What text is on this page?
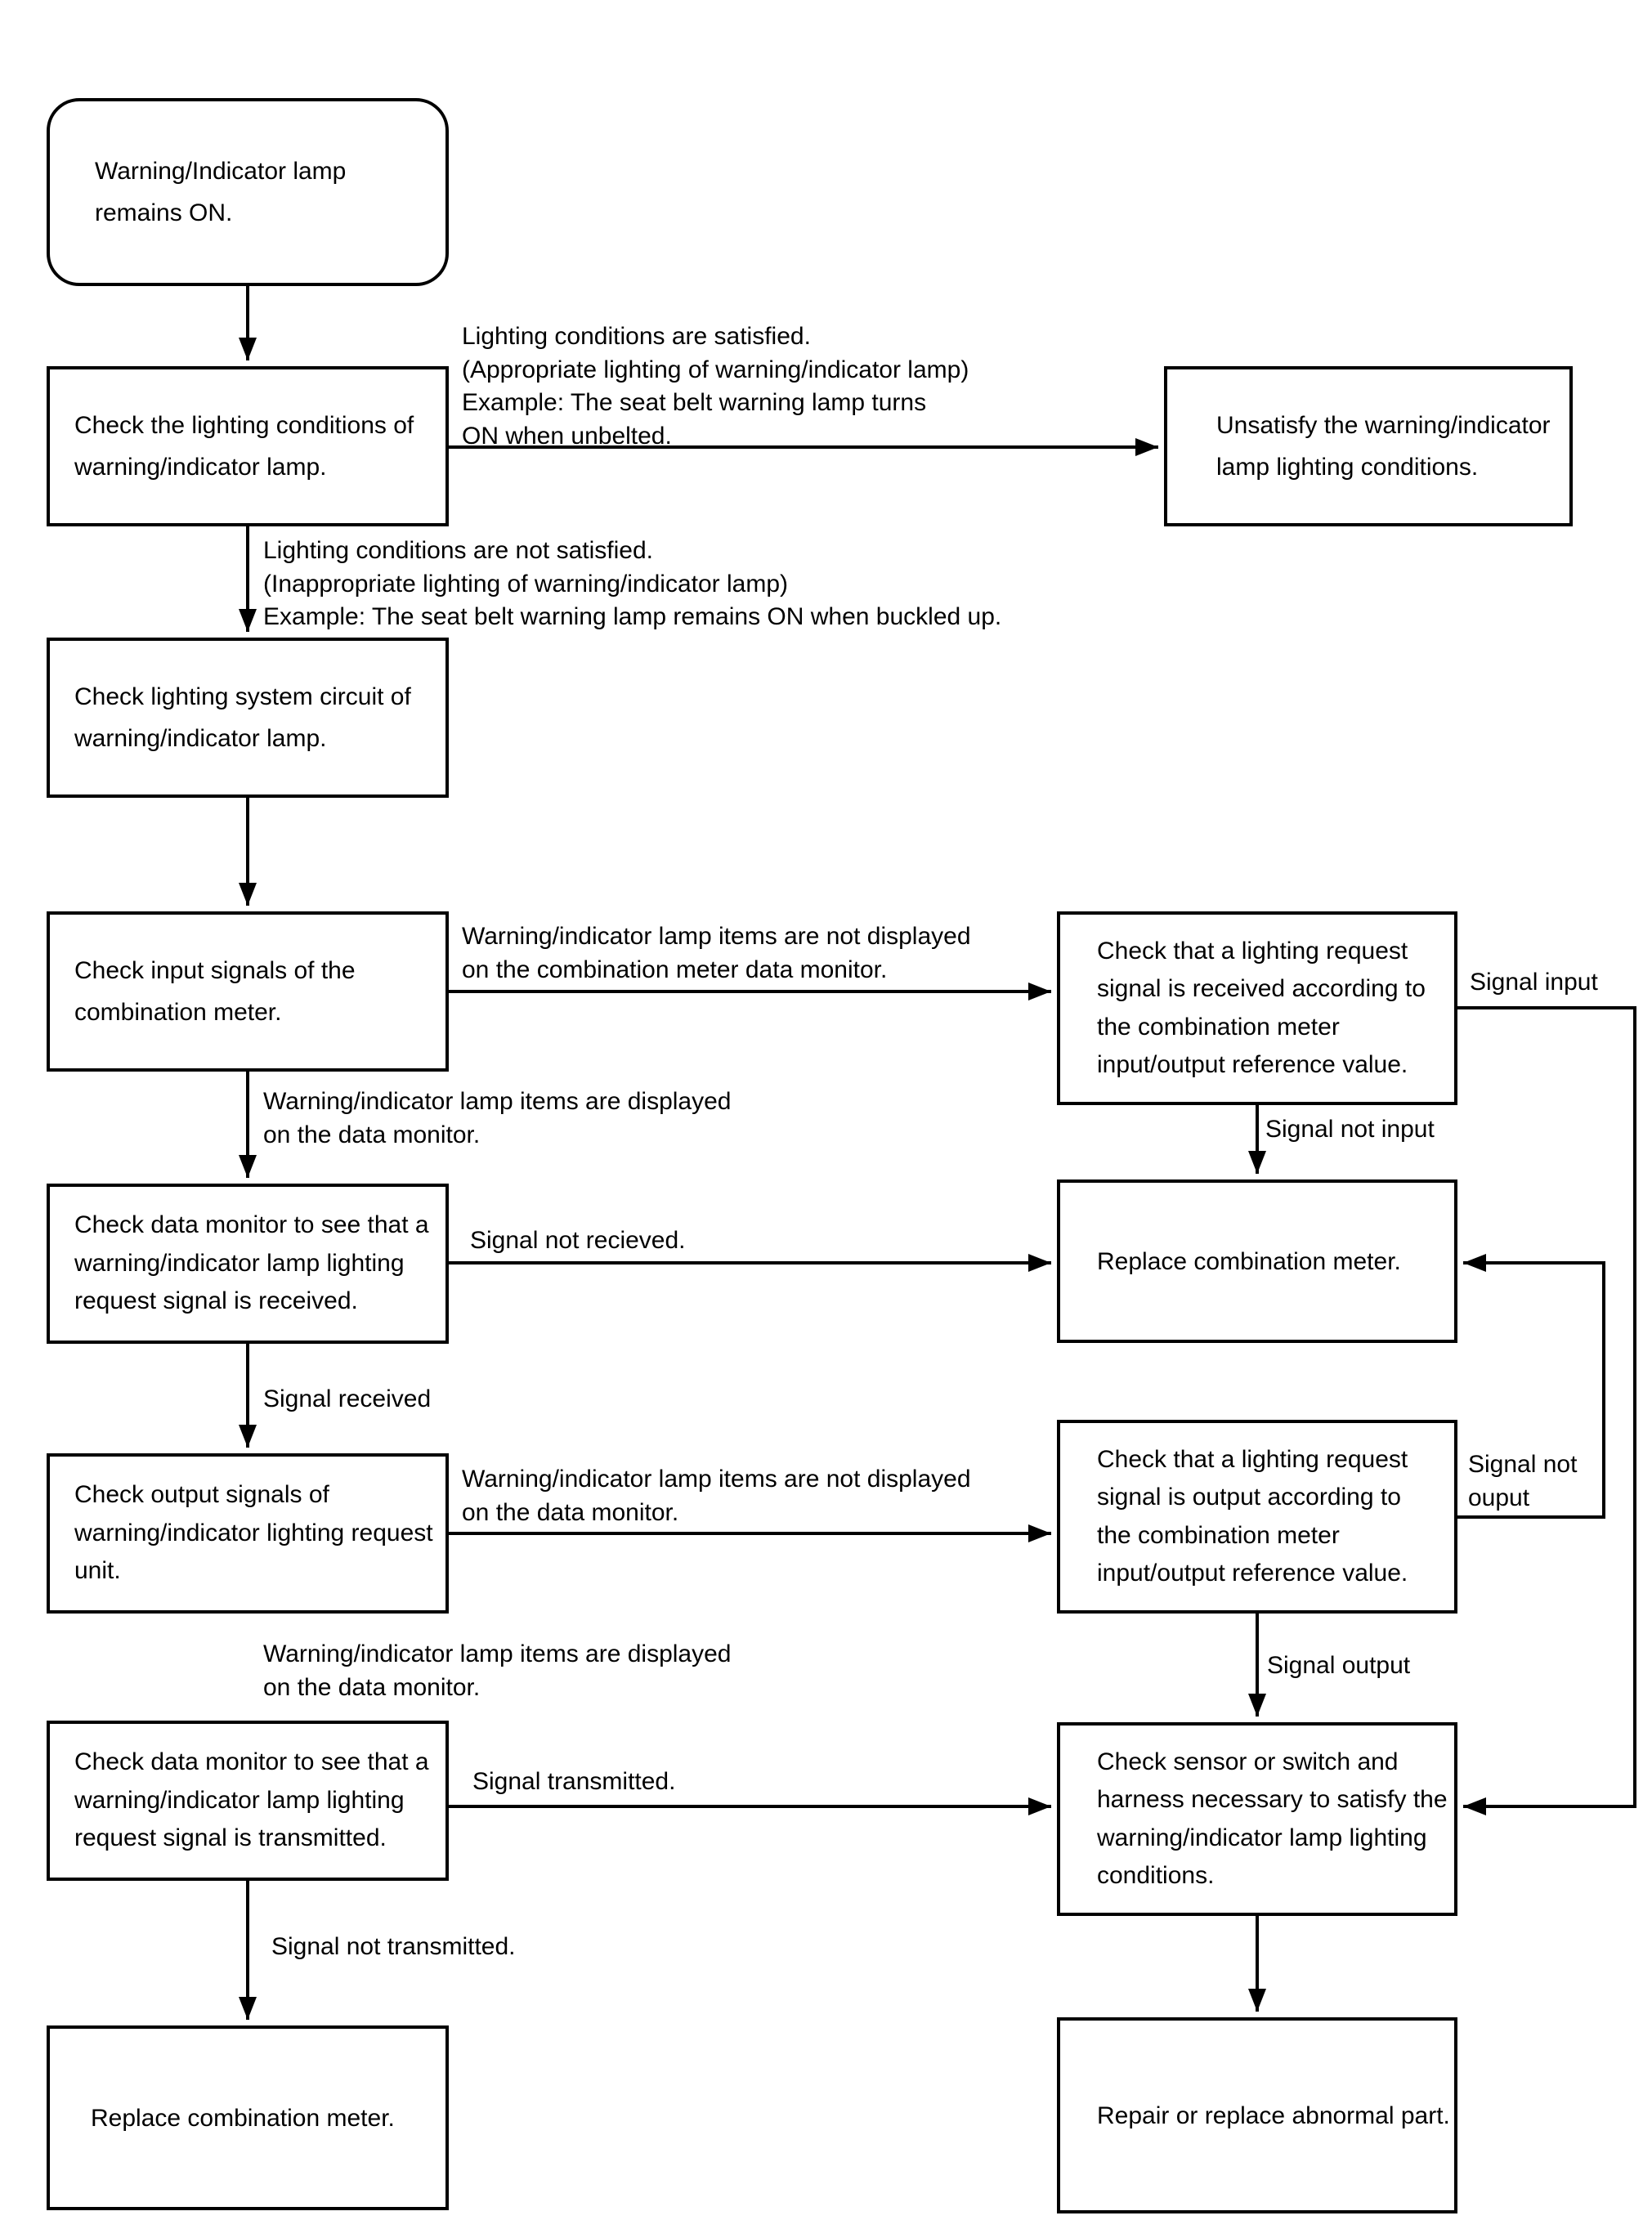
Warning/Indicator lamp
remains ON.
Check the lighting conditions of
warning/indicator lamp.
Check lighting system circuit of
warning/indicator lamp.
Check input signals of the
combination meter.
Check data monitor to see that a
warning/indicator lamp lighting
request signal is received.
Check output signals of
warning/indicator lighting request
unit.
Check data monitor to see that a
warning/indicator lamp lighting
request signal is transmitted.
Replace combination meter.
Unsatisfy the warning/indicator
lamp lighting conditions.
Check that a lighting request
signal is received according to
the combination meter
input/output reference value.
Replace combination meter.
Check that a lighting request
signal is output according to
the combination meter
input/output reference value.
Check sensor or switch and
harness necessary to satisfy the
warning/indicator lamp lighting
conditions.
Repair or replace abnormal part.
Lighting conditions are satisfied.
(Appropriate lighting of warning/indicator lamp)
Example: The seat belt warning lamp turns
ON when unbelted.
Lighting conditions are not satisfied.
(Inappropriate lighting of warning/indicator lamp)
Example: The seat belt warning lamp remains ON when buckled up.
Warning/indicator lamp items are not displayed
on the combination meter data monitor.
Warning/indicator lamp items are displayed
on the data monitor.
Signal not recieved.
Signal received
Signal not input
Signal input
Warning/indicator lamp items are not displayed
on the data monitor.
Warning/indicator lamp items are displayed
on the data monitor.
Signal not
ouput
Signal output
Signal transmitted.
Signal not transmitted.
